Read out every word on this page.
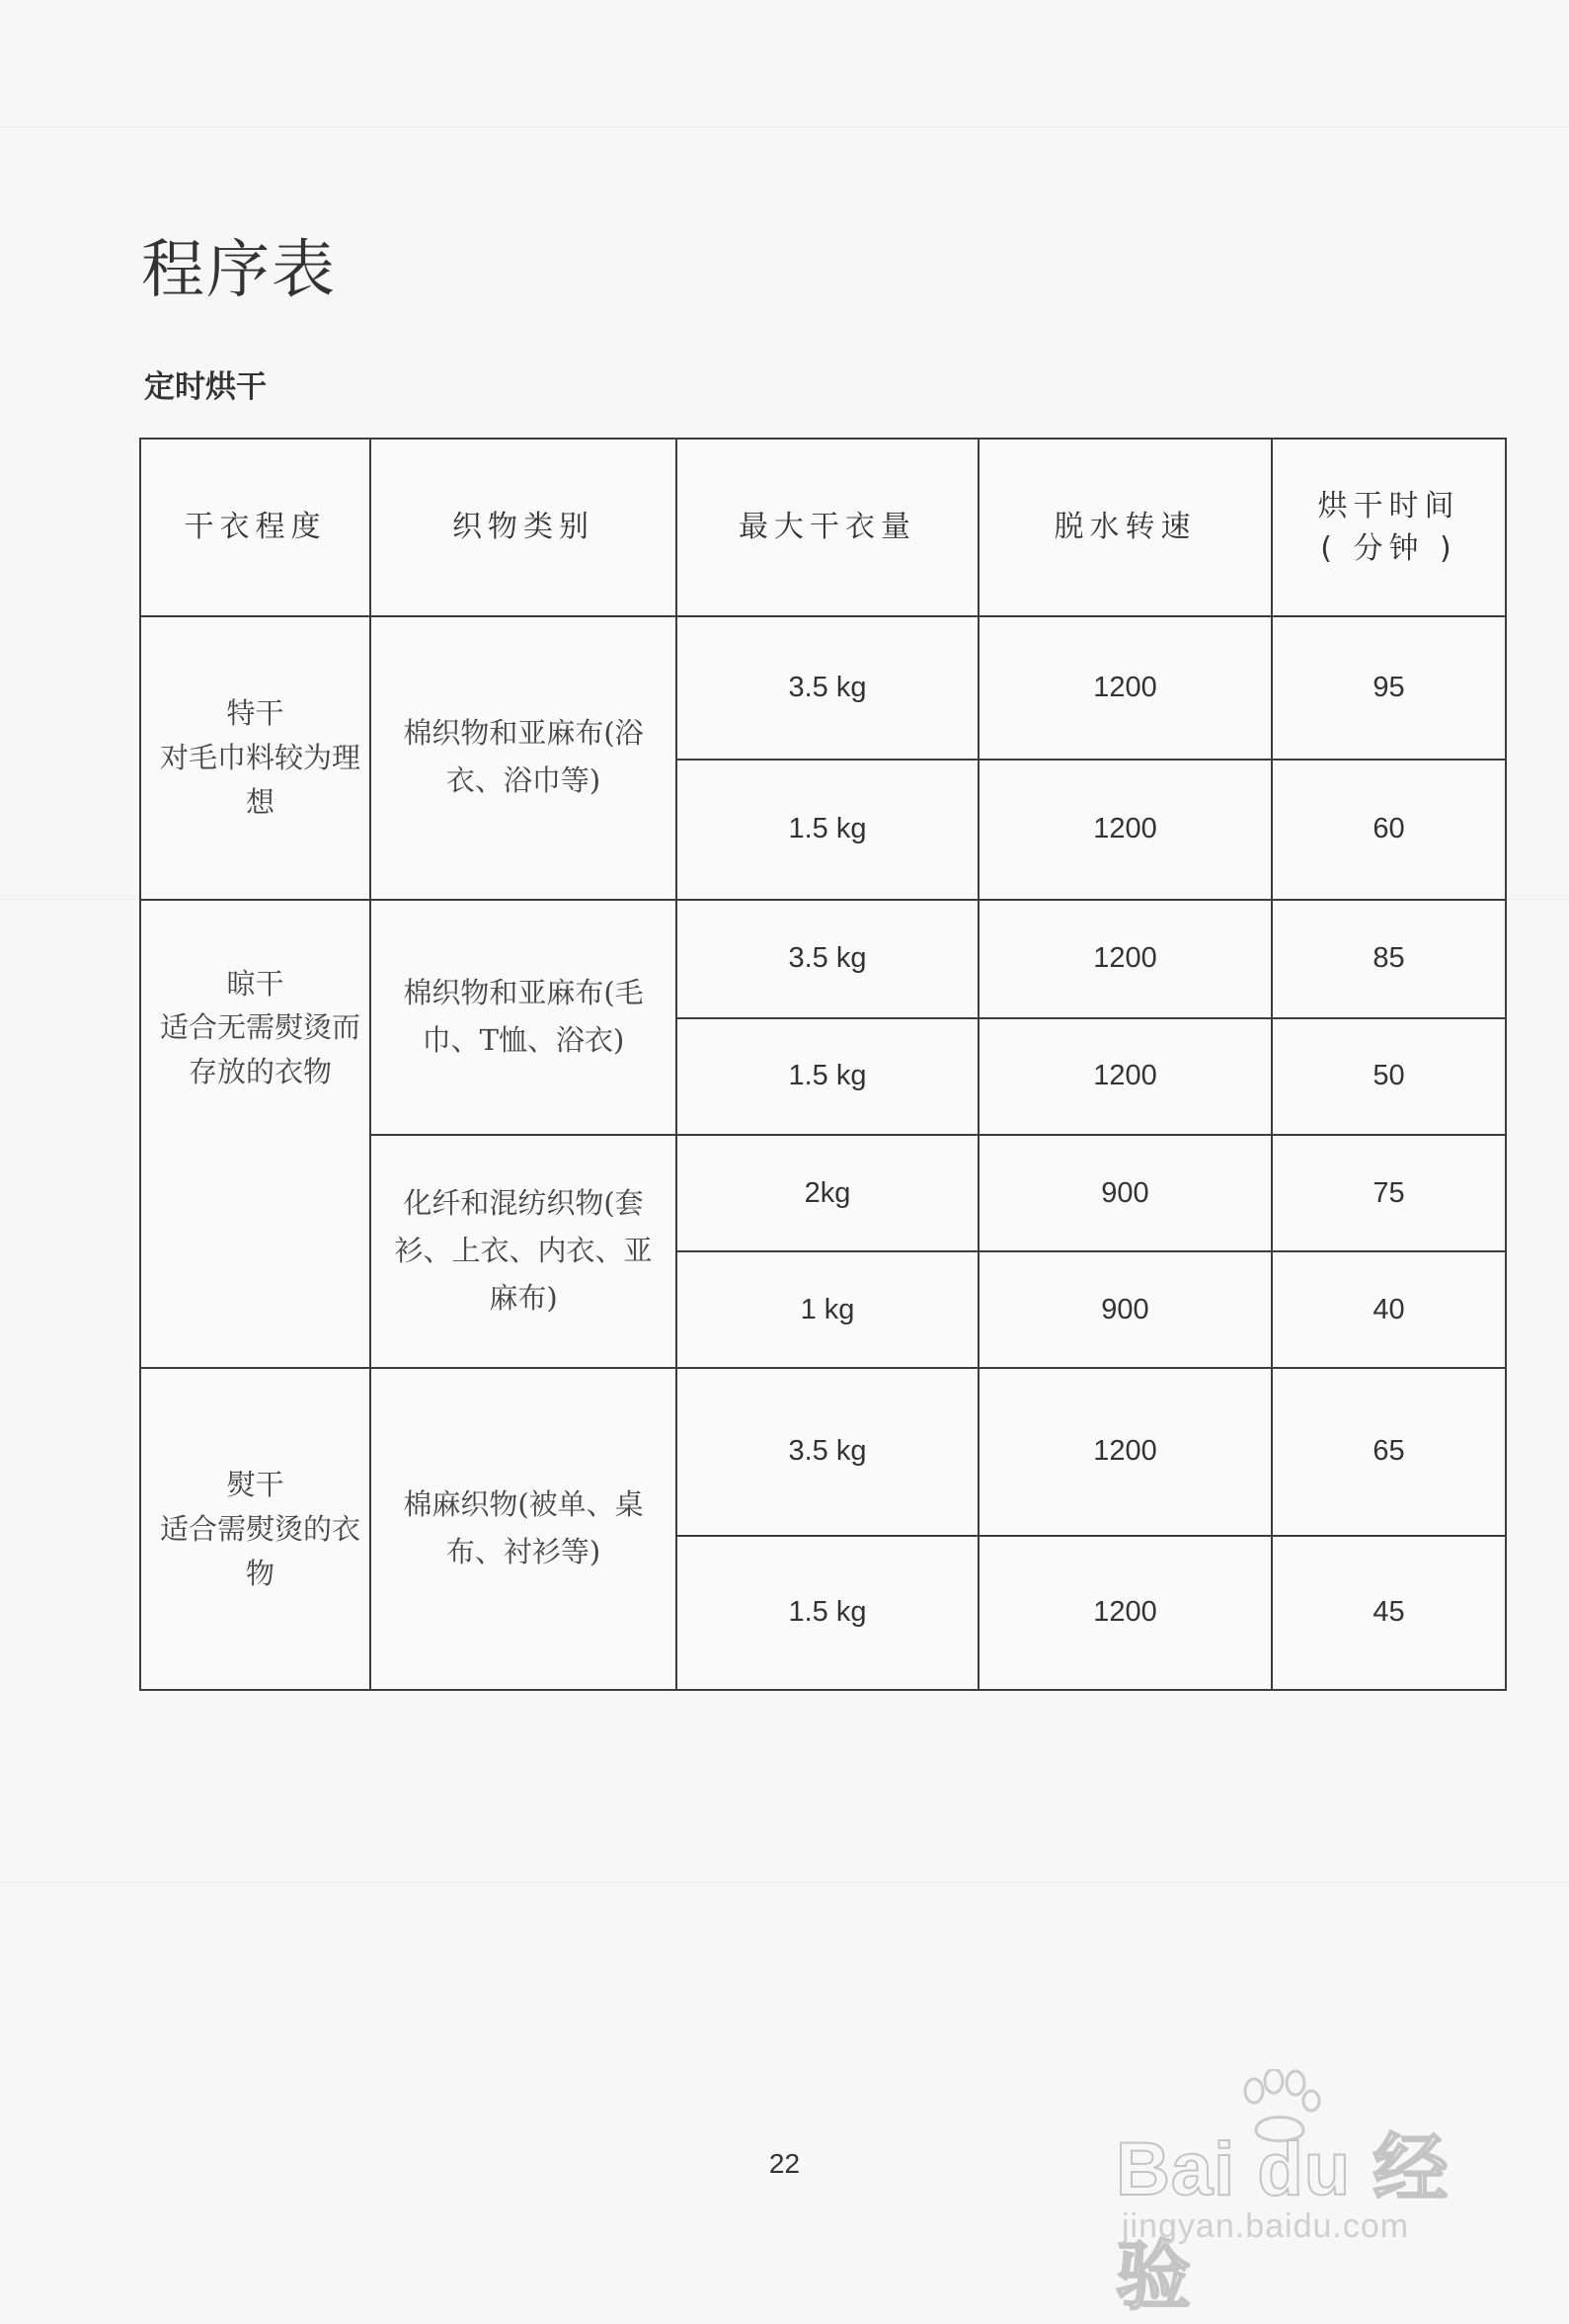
程序表
定时烘干
干衣程度	织物类别	最大干衣量	脱水转速	烘干时间
( 分钟 )

特干
对毛巾料较为理想	棉织物和亚麻布(浴衣、浴巾等)	3.5 kg	1200	95
		1.5 kg	1200	60

晾干
适合无需熨烫而存放的衣物	棉织物和亚麻布(毛巾、T恤、浴衣)	3.5 kg	1200	85
		1.5 kg	1200	50
	化纤和混纺织物(套衫、上衣、内衣、亚麻布)	2kg	900	75
		1 kg	900	40

熨干
适合需熨烫的衣物	棉麻织物(被单、桌布、衬衫等)	3.5 kg	1200	65
		1.5 kg	1200	45
22	Bai du 经验
jingyan.baidu.com
